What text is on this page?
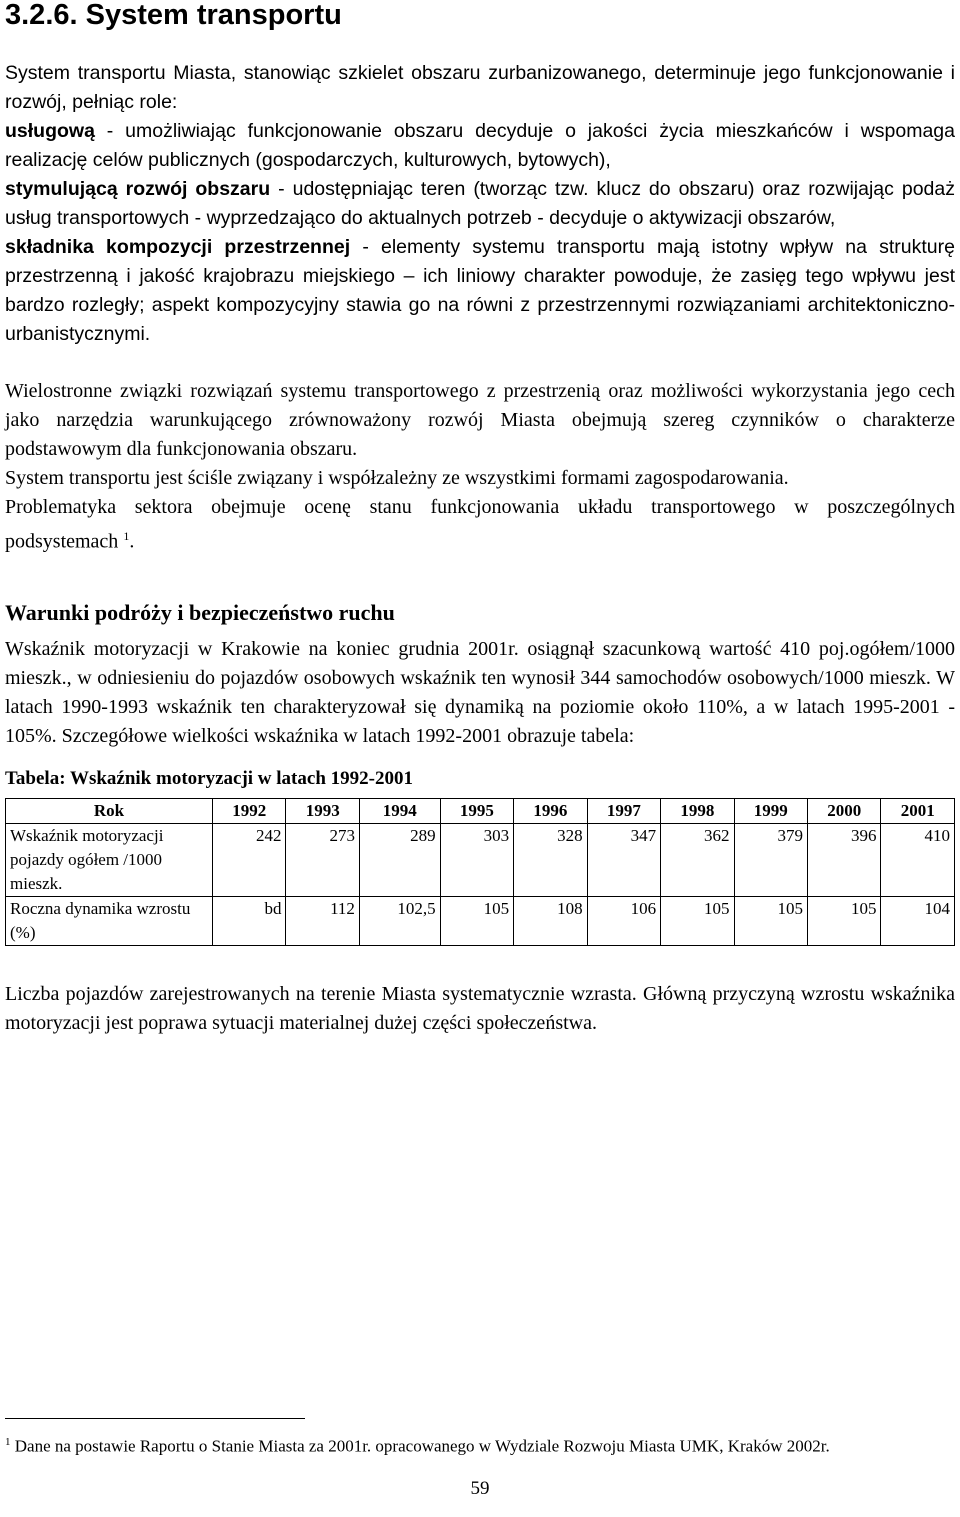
3.2.6. System transportu

System transportu Miasta, stanowiąc szkielet obszaru zurbanizowanego, determinuje jego funkcjonowanie i rozwój, pełniąc role:
usługową - umożliwiając funkcjonowanie obszaru decyduje o jakości życia mieszkańców i wspomaga realizację celów publicznych (gospodarczych, kulturowych, bytowych),
stymulującą rozwój obszaru - udostępniając teren (tworząc tzw. klucz do obszaru) oraz rozwijając podaż usług transportowych - wyprzedzająco do aktualnych potrzeb - decyduje o aktywizacji obszarów,
składnika kompozycji przestrzennej - elementy systemu transportu mają istotny wpływ na strukturę przestrzenną i jakość krajobrazu miejskiego – ich liniowy charakter powoduje, że zasięg tego wpływu jest bardzo rozległy; aspekt kompozycyjny stawia go na równi z przestrzennymi rozwiązaniami architektoniczno-urbanistycznymi.

Wielostronne związki rozwiązań systemu transportowego z przestrzenią oraz możliwości wykorzystania jego cech jako narzędzia warunkującego zrównoważony rozwój Miasta obejmują szereg czynników o charakterze podstawowym dla funkcjonowania obszaru.
System transportu jest ściśle związany i współzależny ze wszystkimi formami zagospodarowania.
Problematyka sektora obejmuje ocenę stanu funkcjonowania układu transportowego w poszczególnych podsystemach $^1$.

Warunki podróży i bezpieczeństwo ruchu

Wskaźnik motoryzacji w Krakowie na koniec grudnia 2001r. osiągnął szacunkową wartość 410 poj.ogółem/1000 mieszk., w odniesieniu do pojazdów osobowych wskaźnik ten wynosił 344 samochodów osobowych/1000 mieszk. W latach 1990-1993 wskaźnik ten charakteryzował się dynamiką na poziomie około 110%, a w latach 1995-2001 - 105%. Szczegółowe wielkości wskaźnika w latach 1992-2001 obrazuje tabela:

Tabela: Wskaźnik motoryzacji w latach 1992-2001
Rok	1992	1993	1994	1995	1996	1997	1998	1999	2000	2001
Wskaźnik motoryzacji pojazdy ogółem /1000 mieszk.	242	273	289	303	328	347	362	379	396	410
Roczna dynamika wzrostu (%)	bd	112	102,5	105	108	106	105	105	105	104

Liczba pojazdów zarejestrowanych na terenie Miasta systematycznie wzrasta. Główną przyczyną wzrostu wskaźnika motoryzacji jest poprawa sytuacji materialnej dużej części społeczeństwa.

$^1$ Dane na postawie Raportu o Stanie Miasta za 2001r. opracowanego w Wydziale Rozwoju Miasta UMK, Kraków 2002r.
59
